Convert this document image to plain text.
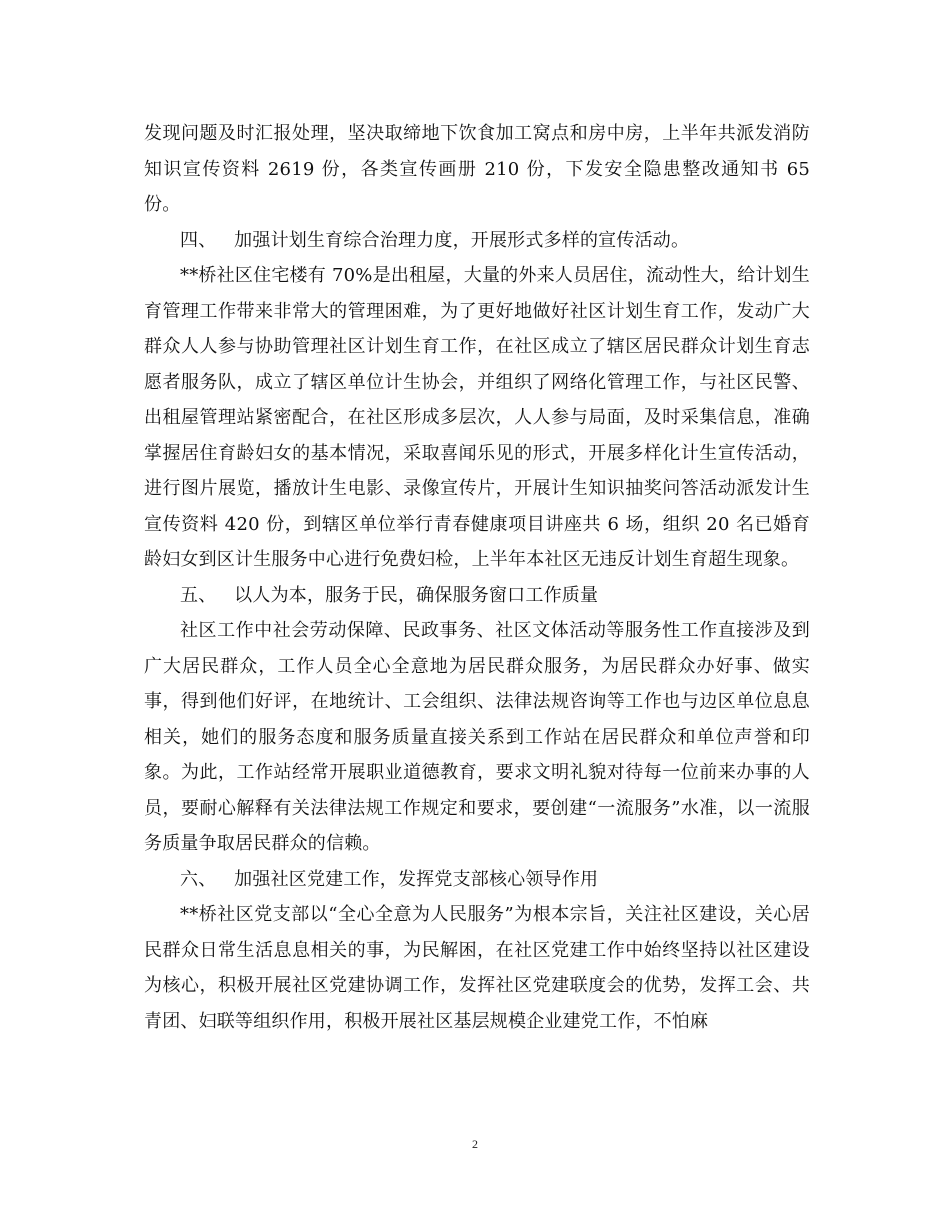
发现问题及时汇报处理，坚决取缔地下饮食加工窝点和房中房，上半年共派发消防知识宣传资料 2619 份，各类宣传画册 210 份，下发安全隐患整改通知书 65 份。

四、   加强计划生育综合治理力度，开展形式多样的宣传活动。

**桥社区住宅楼有 70%是出租屋，大量的外来人员居住，流动性大，给计划生育管理工作带来非常大的管理困难，为了更好地做好社区计划生育工作，发动广大群众人人参与协助管理社区计划生育工作，在社区成立了辖区居民群众计划生育志愿者服务队，成立了辖区单位计生协会，并组织了网络化管理工作，与社区民警、出租屋管理站紧密配合，在社区形成多层次，人人参与局面，及时采集信息，准确掌握居住育龄妇女的基本情况，采取喜闻乐见的形式，开展多样化计生宣传活动，进行图片展览，播放计生电影、录像宣传片，开展计生知识抽奖问答活动派发计生宣传资料 420 份，到辖区单位举行青春健康项目讲座共 6 场，组织 20 名已婚育龄妇女到区计生服务中心进行免费妇检，上半年本社区无违反计划生育超生现象。

五、   以人为本，服务于民，确保服务窗口工作质量

社区工作中社会劳动保障、民政事务、社区文体活动等服务性工作直接涉及到广大居民群众，工作人员全心全意地为居民群众服务，为居民群众办好事、做实事，得到他们好评，在地统计、工会组织、法律法规咨询等工作也与边区单位息息相关，她们的服务态度和服务质量直接关系到工作站在居民群众和单位声誉和印象。为此，工作站经常开展职业道德教育，要求文明礼貌对待每一位前来办事的人员，要耐心解释有关法律法规工作规定和要求，要创建“一流服务”水准，以一流服务质量争取居民群众的信赖。

六、   加强社区党建工作，发挥党支部核心领导作用

**桥社区党支部以“全心全意为人民服务”为根本宗旨，关注社区建设，关心居民群众日常生活息息相关的事，为民解困，在社区党建工作中始终坚持以社区建设为核心，积极开展社区党建协调工作，发挥社区党建联度会的优势，发挥工会、共青团、妇联等组织作用，积极开展社区基层规模企业建党工作，不怕麻

2
